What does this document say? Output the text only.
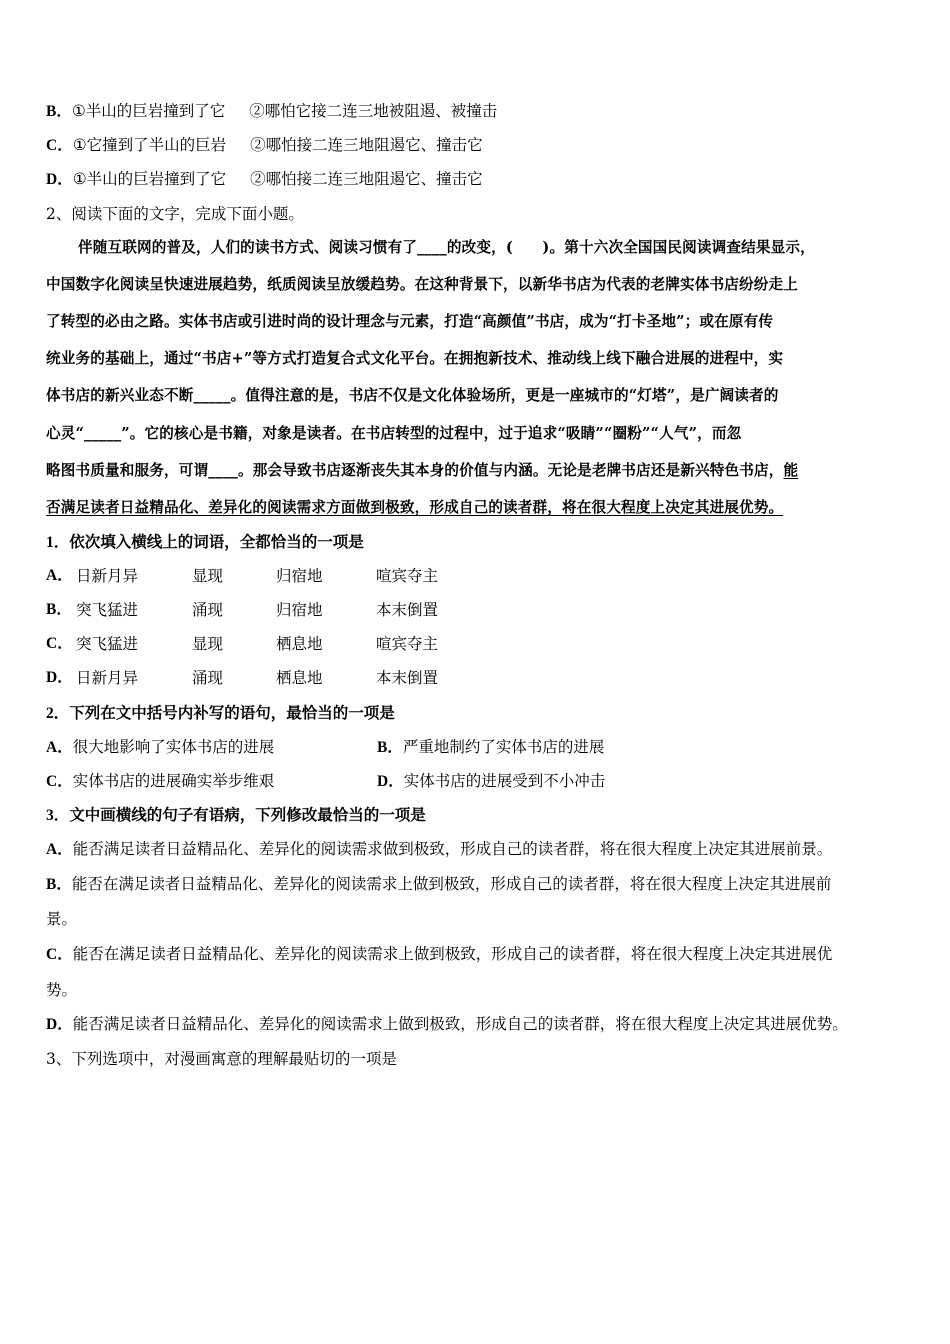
B．①半山的巨岩撞到了它 ②哪怕它接二连三地被阻遏、被撞击
C．①它撞到了半山的巨岩 ②哪怕接二连三地阻遏它、撞击它
D．①半山的巨岩撞到了它 ②哪怕接二连三地阻遏它、撞击它
2、阅读下面的文字，完成下面小题。
伴随互联网的普及，人们的读书方式、阅读习惯有了____的改变，(　　)。第十六次全国国民阅读调查结果显示，
中国数字化阅读呈快速进展趋势，纸质阅读呈放缓趋势。在这种背景下，以新华书店为代表的老牌实体书店纷纷走上
了转型的必由之路。实体书店或引进时尚的设计理念与元素，打造“高颜值”书店，成为“打卡圣地”；或在原有传
统业务的基础上，通过“书店+”等方式打造复合式文化平台。在拥抱新技术、推动线上线下融合进展的进程中，实
体书店的新兴业态不断_____。值得注意的是，书店不仅是文化体验场所，更是一座城市的“灯塔”，是广阔读者的
心灵“_____”。它的核心是书籍，对象是读者。在书店转型的过程中，过于追求“吸睛”“圈粉”“人气”，而忽
略图书质量和服务，可谓____。那会导致书店逐渐丧失其本身的价值与内涵。无论是老牌书店还是新兴特色书店，能
否满足读者日益精品化、差异化的阅读需求方面做到极致，形成自己的读者群，将在很大程度上决定其进展优势。
1．依次填入横线上的词语，全都恰当的一项是
A． 日新月异	显现	归宿地	喧宾夺主
B． 突飞猛进	涌现	归宿地	本末倒置
C． 突飞猛进	显现	栖息地	喧宾夺主
D． 日新月异	涌现	栖息地	本末倒置
2．下列在文中括号内补写的语句，最恰当的一项是
A．很大地影响了实体书店的进展	B．严重地制约了实体书店的进展
C．实体书店的进展确实举步维艰	D．实体书店的进展受到不小冲击
3．文中画横线的句子有语病，下列修改最恰当的一项是
A．能否满足读者日益精品化、差异化的阅读需求做到极致，形成自己的读者群，将在很大程度上决定其进展前景。
B．能否在满足读者日益精品化、差异化的阅读需求上做到极致，形成自己的读者群，将在很大程度上决定其进展前
景。
C．能否在满足读者日益精品化、差异化的阅读需求上做到极致，形成自己的读者群，将在很大程度上决定其进展优
势。
D．能否满足读者日益精品化、差异化的阅读需求上做到极致，形成自己的读者群，将在很大程度上决定其进展优势。
3、下列选项中，对漫画寓意的理解最贴切的一项是
